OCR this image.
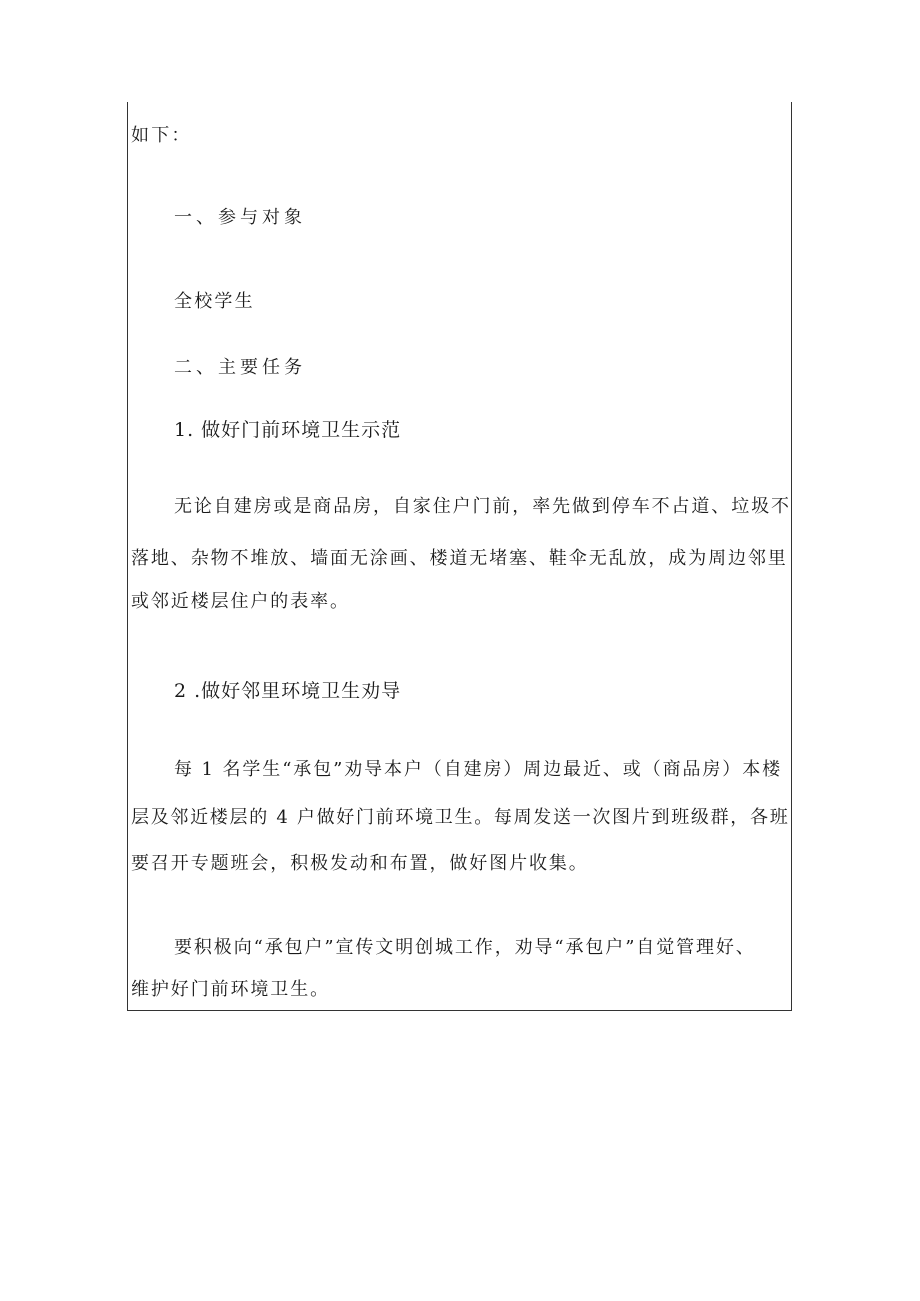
如下：
一、参与对象
全校学生
二、主要任务
1. 做好门前环境卫生示范
无论自建房或是商品房，自家住户门前，率先做到停车不占道、垃圾不
落地、杂物不堆放、墙面无涂画、楼道无堵塞、鞋伞无乱放，成为周边邻里
或邻近楼层住户的表率。
2 .做好邻里环境卫生劝导
每 1 名学生“承包”劝导本户（自建房）周边最近、或（商品房）本楼
层及邻近楼层的 4 户做好门前环境卫生。每周发送一次图片到班级群，各班
要召开专题班会，积极发动和布置，做好图片收集。
要积极向“承包户”宣传文明创城工作，劝导“承包户”自觉管理好、
维护好门前环境卫生。
